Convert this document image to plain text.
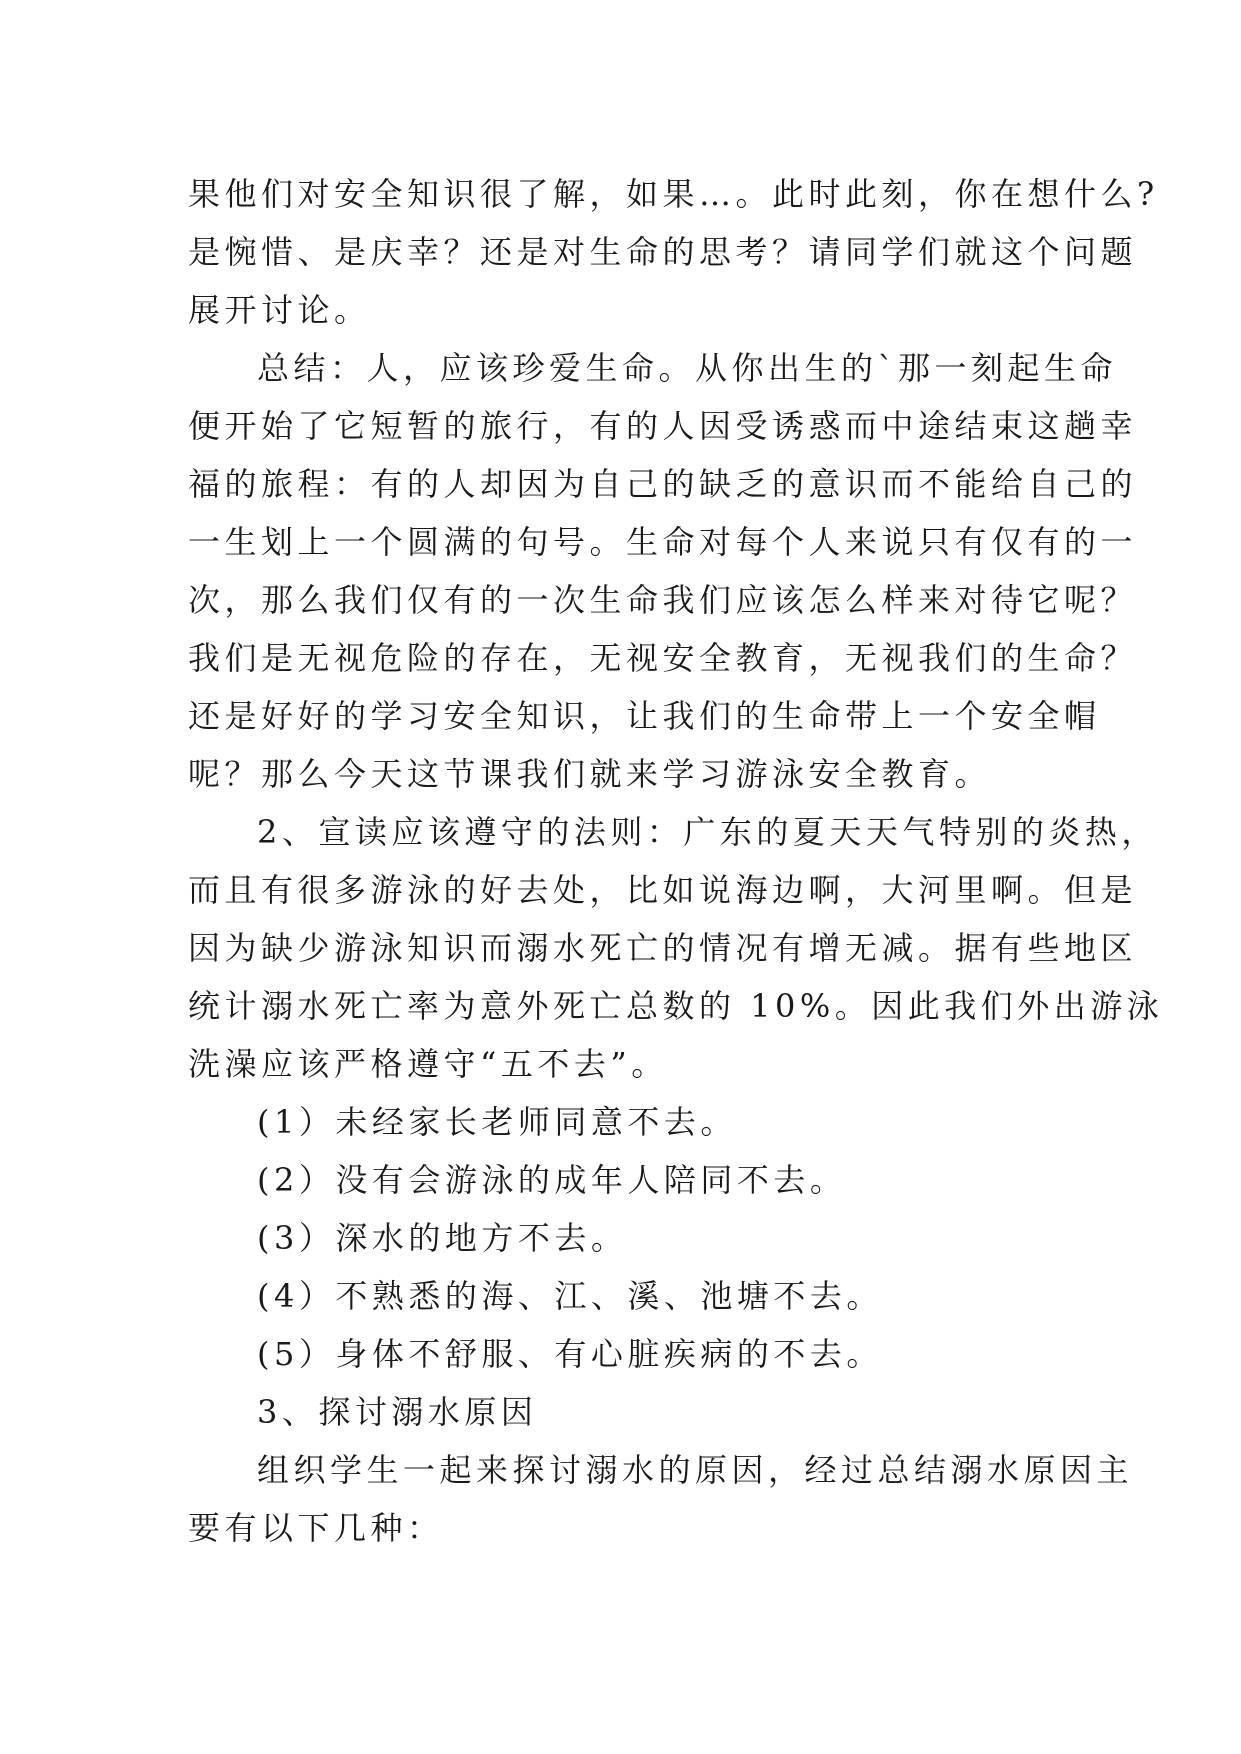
果他们对安全知识很了解，如果…。此时此刻，你在想什么?
是惋惜、是庆幸？还是对生命的思考？请同学们就这个问题
展开讨论。
总结：人，应该珍爱生命。从你出生的`那一刻起生命
便开始了它短暂的旅行，有的人因受诱惑而中途结束这趟幸
福的旅程：有的人却因为自己的缺乏的意识而不能给自己的
一生划上一个圆满的句号。生命对每个人来说只有仅有的一
次，那么我们仅有的一次生命我们应该怎么样来对待它呢？
我们是无视危险的存在，无视安全教育，无视我们的生命？
还是好好的学习安全知识，让我们的生命带上一个安全帽
呢？那么今天这节课我们就来学习游泳安全教育。
2、宣读应该遵守的法则：广东的夏天天气特别的炎热，
而且有很多游泳的好去处，比如说海边啊，大河里啊。但是
因为缺少游泳知识而溺水死亡的情况有增无减。据有些地区
统计溺水死亡率为意外死亡总数的 10%。因此我们外出游泳
洗澡应该严格遵守“五不去”。
(1）未经家长老师同意不去。
(2）没有会游泳的成年人陪同不去。
(3）深水的地方不去。
(4）不熟悉的海、江、溪、池塘不去。
(5）身体不舒服、有心脏疾病的不去。
3、探讨溺水原因
组织学生一起来探讨溺水的原因，经过总结溺水原因主
要有以下几种：
